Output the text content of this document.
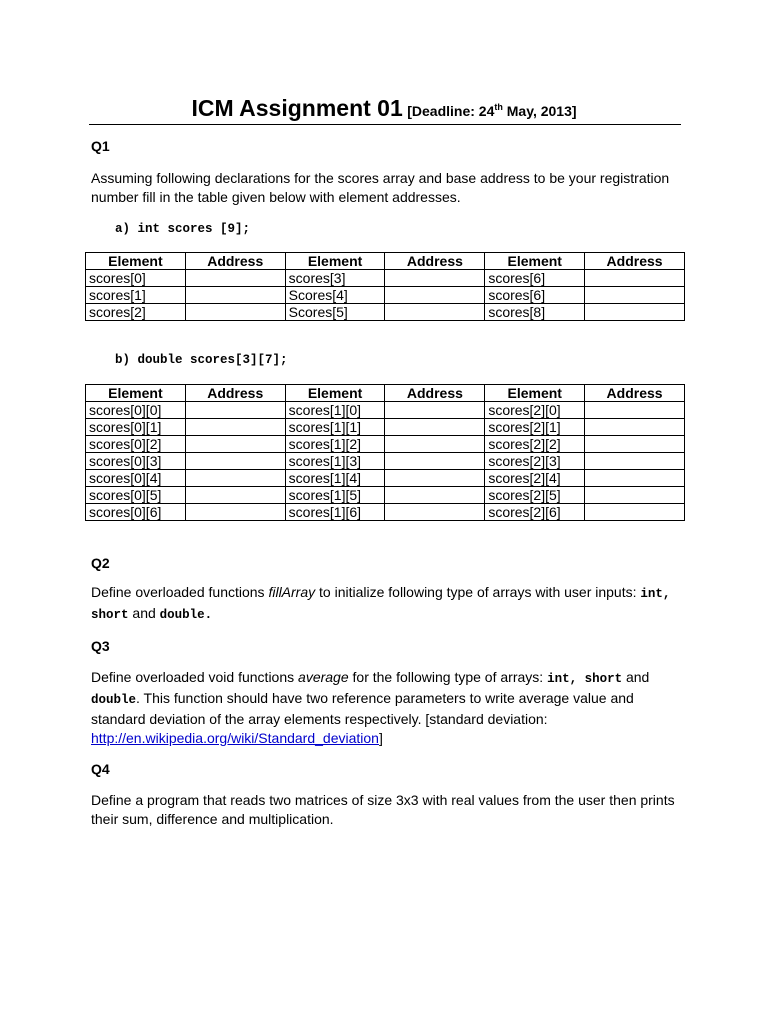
ICM Assignment 01 [Deadline: 24th May, 2013]
Q1
Assuming following declarations for the scores array and base address to be your registration number fill in the table given below with element addresses.
a) int scores [9];
Element	Address	Element	Address	Element	Address
scores[0]		scores[3]		scores[6]	
scores[1]		Scores[4]		scores[6]	
scores[2]		Scores[5]		scores[8]	
b) double scores[3][7];
Element	Address	Element	Address	Element	Address
scores[0][0]		scores[1][0]		scores[2][0]	
scores[0][1]		scores[1][1]		scores[2][1]	
scores[0][2]		scores[1][2]		scores[2][2]	
scores[0][3]		scores[1][3]		scores[2][3]	
scores[0][4]		scores[1][4]		scores[2][4]	
scores[0][5]		scores[1][5]		scores[2][5]	
scores[0][6]		scores[1][6]		scores[2][6]	
Q2
Define overloaded functions fillArray to initialize following type of arrays with user inputs: int,
short and double.
Q3
Define overloaded void functions average for the following type of arrays: int, short and
double. This function should have two reference parameters to write average value and standard deviation of the array elements respectively. [standard deviation:
http://en.wikipedia.org/wiki/Standard_deviation]
Q4
Define a program that reads two matrices of size 3x3 with real values from the user then prints their sum, difference and multiplication.
